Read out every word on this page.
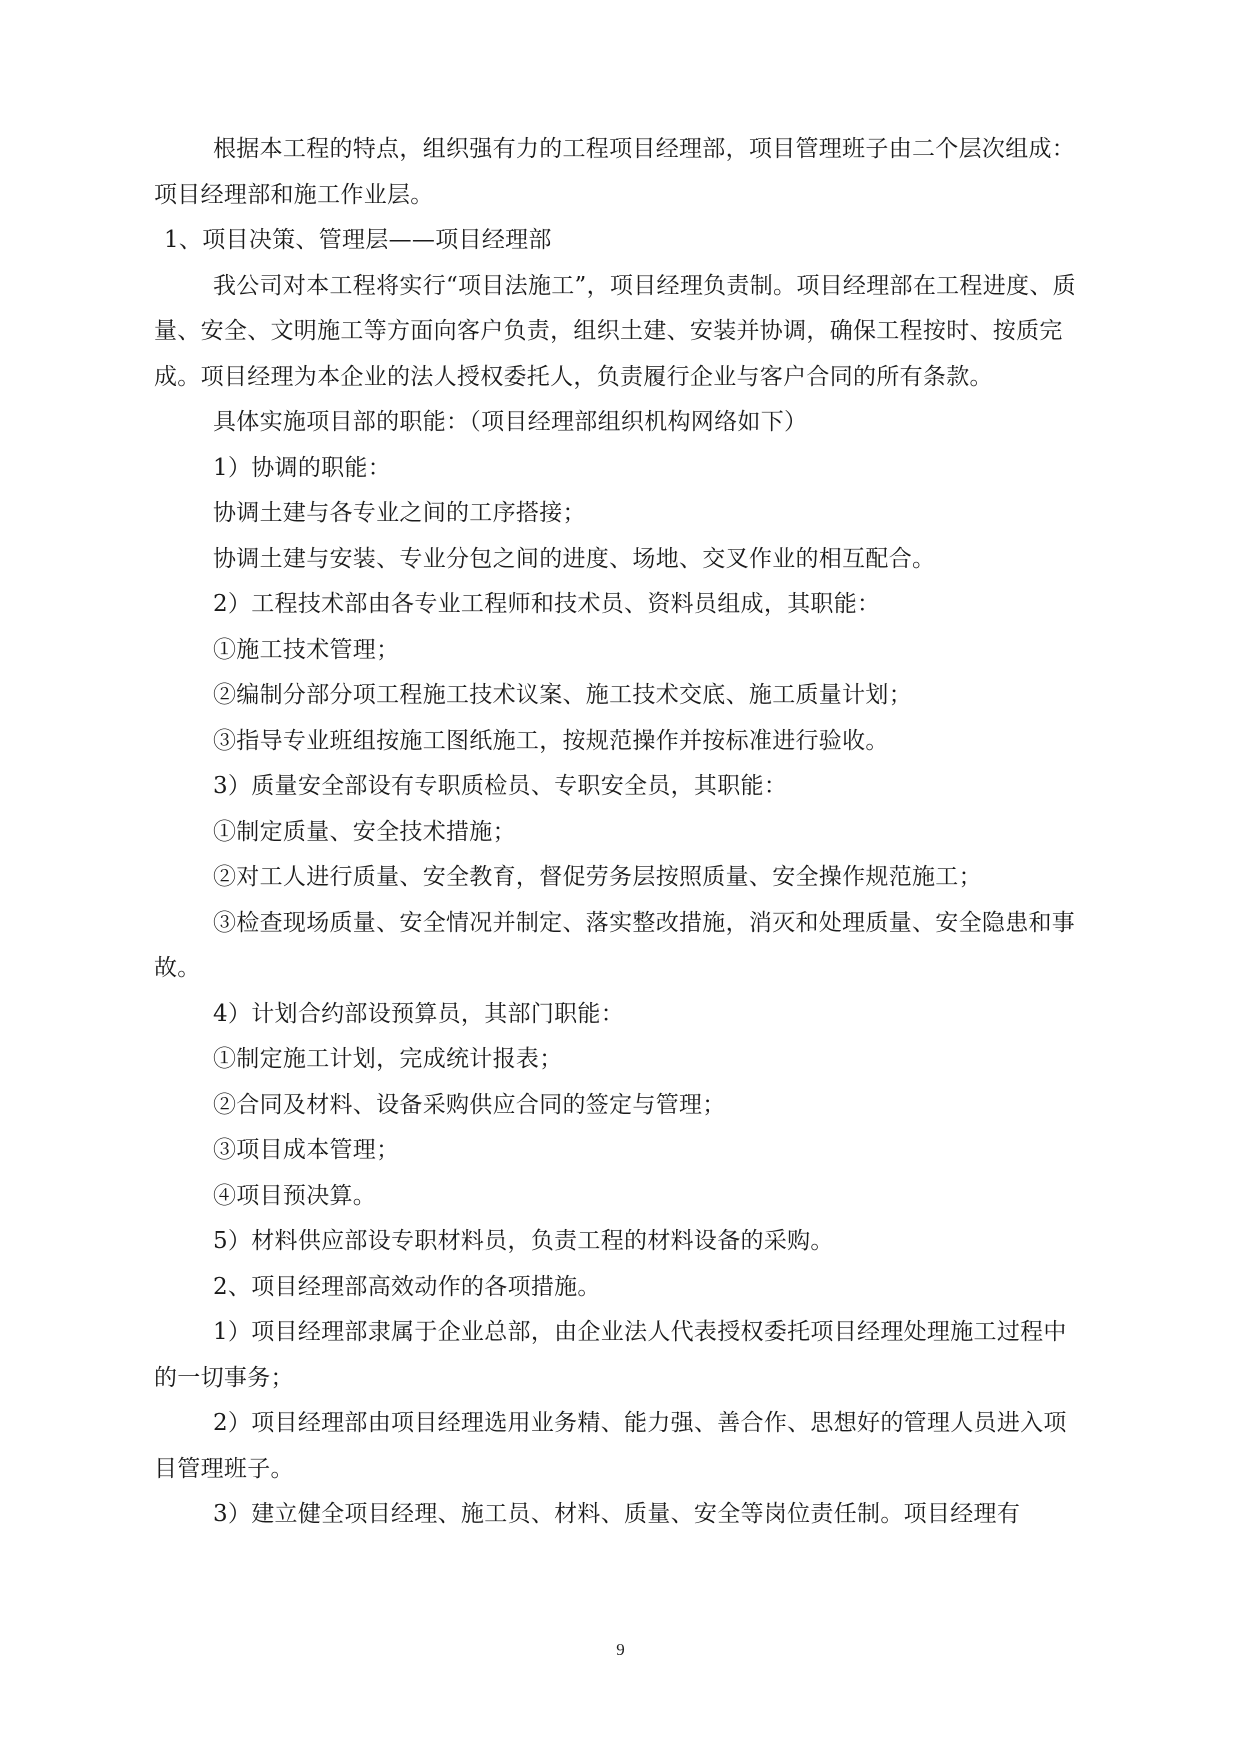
根据本工程的特点，组织强有力的工程项目经理部，项目管理班子由二个层次组成：项目经理部和施工作业层。

1、项目决策、管理层——项目经理部

我公司对本工程将实行“项目法施工”，项目经理负责制。项目经理部在工程进度、质量、安全、文明施工等方面向客户负责，组织土建、安装并协调，确保工程按时、按质完成。项目经理为本企业的法人授权委托人，负责履行企业与客户合同的所有条款。

具体实施项目部的职能：（项目经理部组织机构网络如下）

1）协调的职能：

协调土建与各专业之间的工序搭接；

协调土建与安装、专业分包之间的进度、场地、交叉作业的相互配合。

2）工程技术部由各专业工程师和技术员、资料员组成，其职能：

①施工技术管理；

②编制分部分项工程施工技术议案、施工技术交底、施工质量计划；

③指导专业班组按施工图纸施工，按规范操作并按标准进行验收。

3）质量安全部设有专职质检员、专职安全员，其职能：

①制定质量、安全技术措施；

②对工人进行质量、安全教育，督促劳务层按照质量、安全操作规范施工；

③检查现场质量、安全情况并制定、落实整改措施，消灭和处理质量、安全隐患和事故。

4）计划合约部设预算员，其部门职能：

①制定施工计划，完成统计报表；

②合同及材料、设备采购供应合同的签定与管理；

③项目成本管理；

④项目预决算。

5）材料供应部设专职材料员，负责工程的材料设备的采购。

2、项目经理部高效动作的各项措施。

1）项目经理部隶属于企业总部，由企业法人代表授权委托项目经理处理施工过程中的一切事务；

2）项目经理部由项目经理选用业务精、能力强、善合作、思想好的管理人员进入项目管理班子。

3）建立健全项目经理、施工员、材料、质量、安全等岗位责任制。项目经理有

9
